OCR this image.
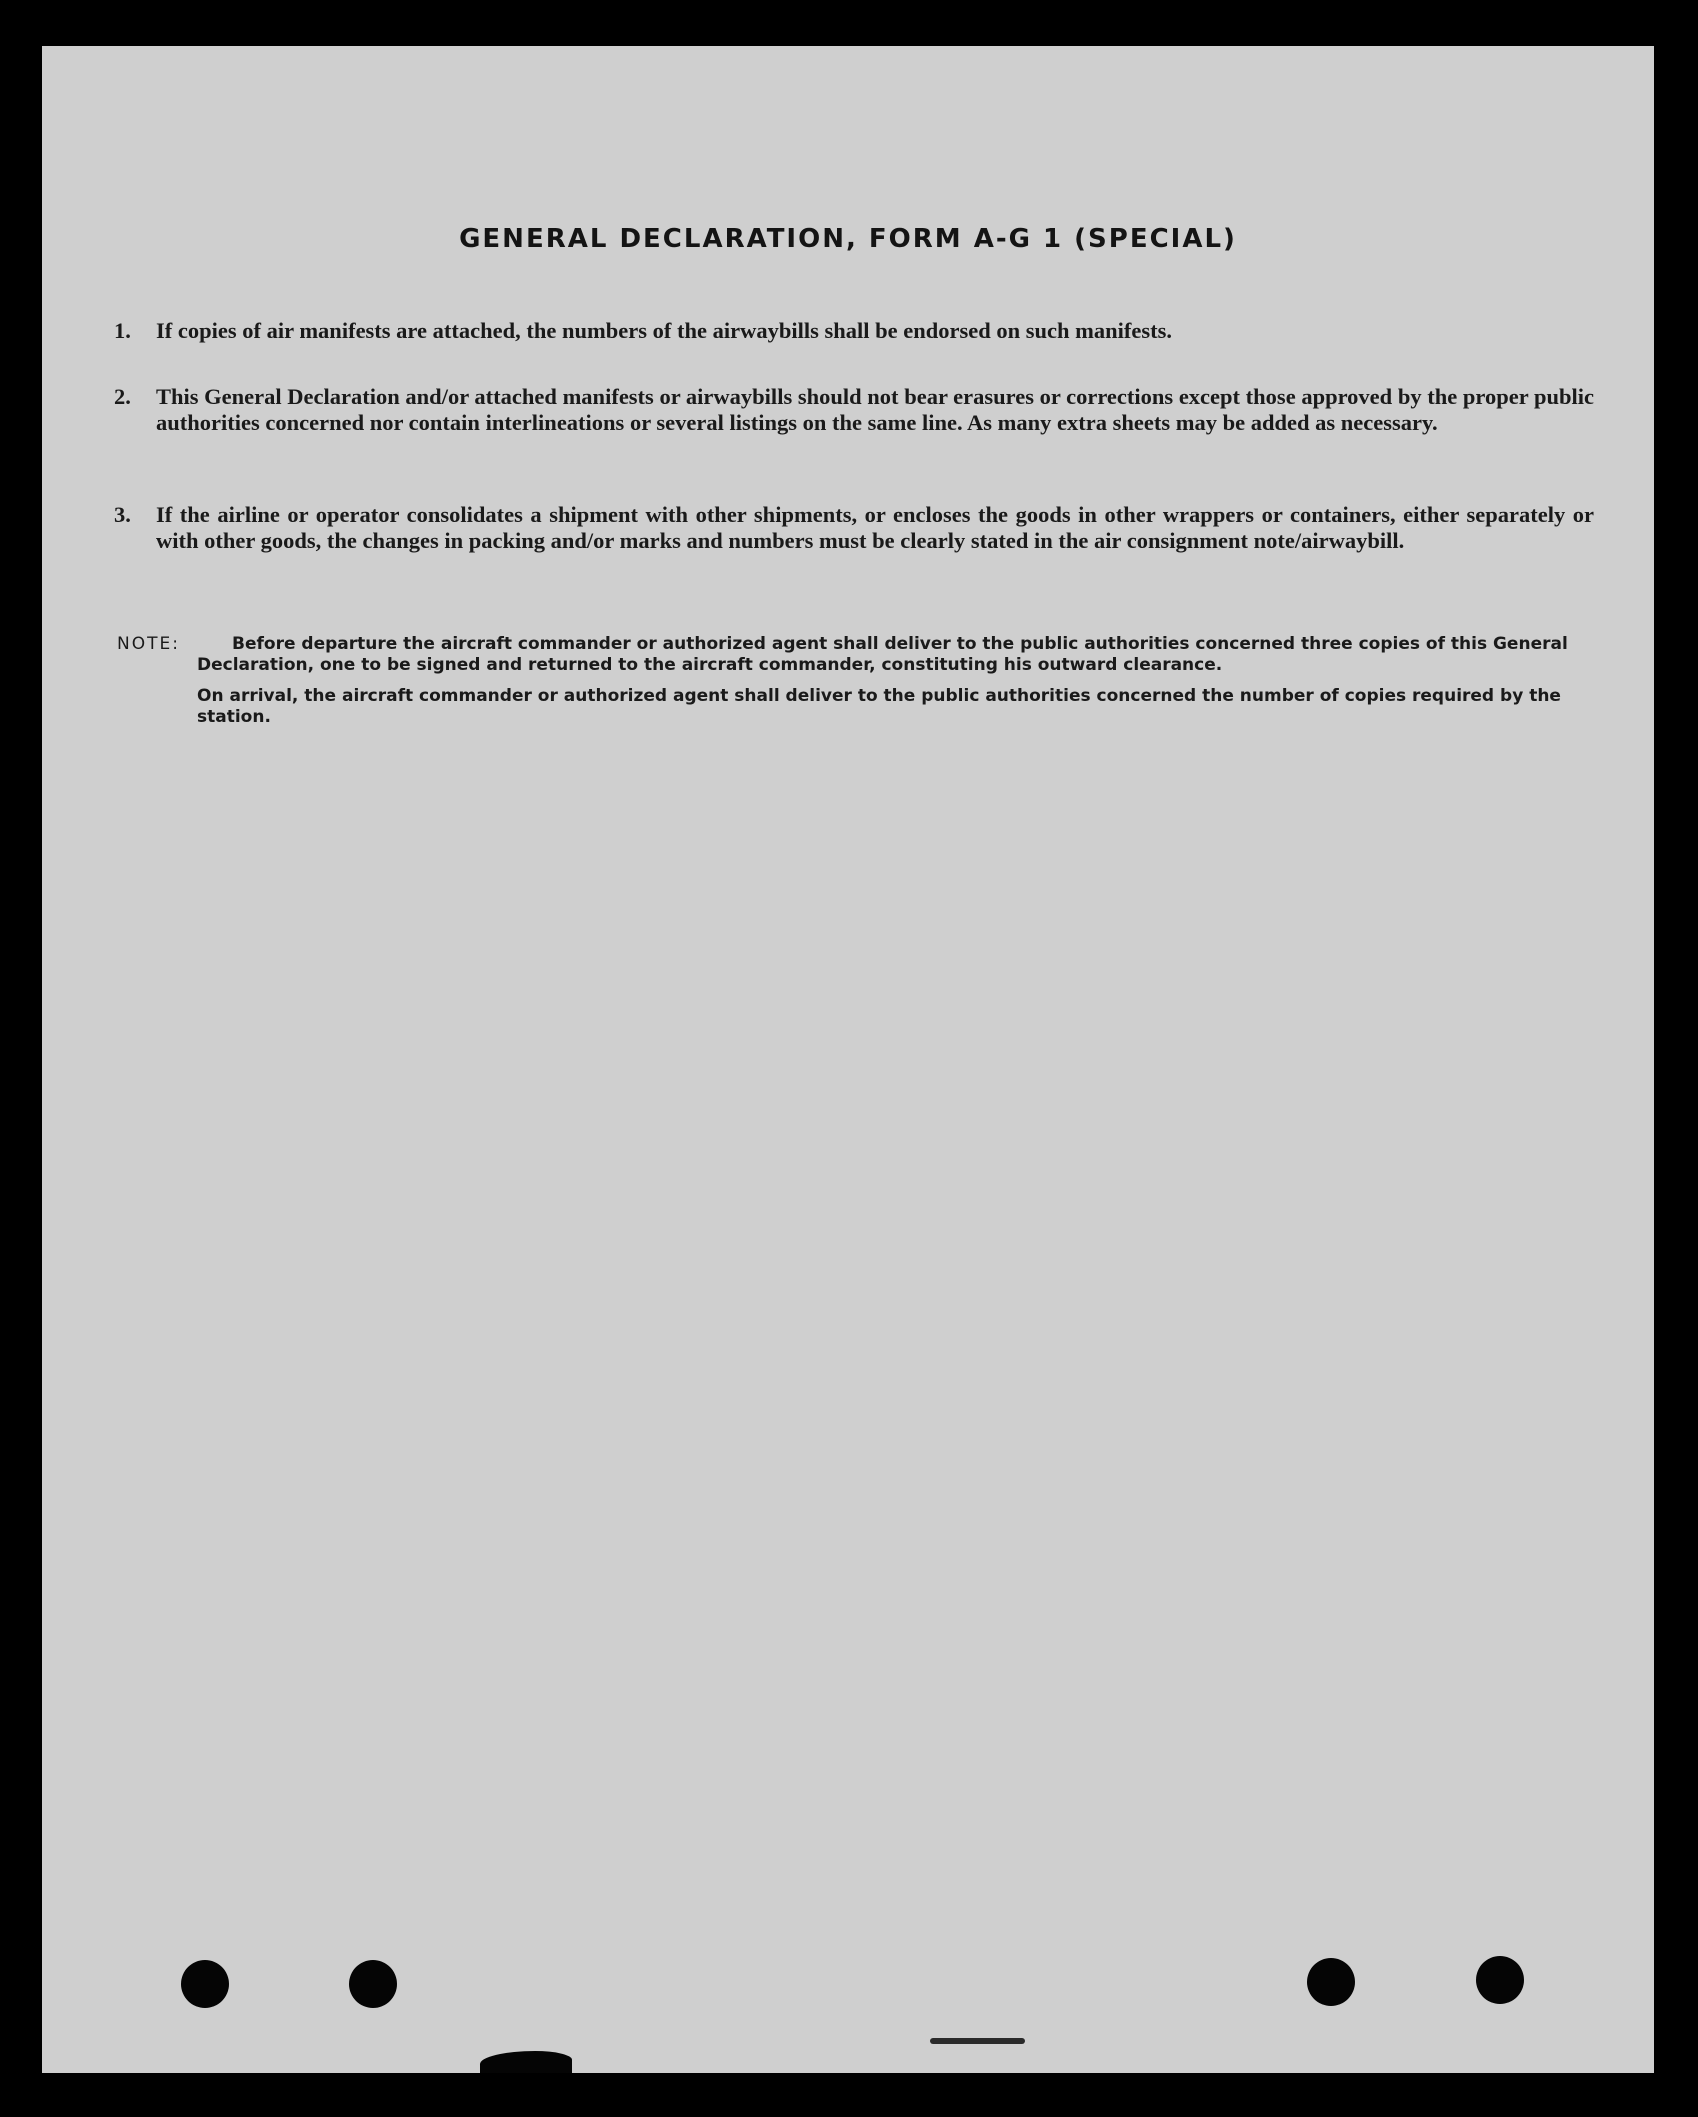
GENERAL DECLARATION, FORM A-G 1 (SPECIAL)
1. If copies of air manifests are attached, the numbers of the airwaybills shall be endorsed on such manifests.
2. This General Declaration and/or attached manifests or airwaybills should not bear erasures or corrections except those approved by the proper public authorities concerned nor contain interlineations or several listings on the same line. As many extra sheets may be added as necessary.
3. If the airline or operator consolidates a shipment with other shipments, or encloses the goods in other wrappers or containers, either separately or with other goods, the changes in packing and/or marks and numbers must be clearly stated in the air consignment note/airwaybill.
NOTE:	Before departure the aircraft commander or authorized agent shall deliver to the public authorities concerned three copies of this General Declaration, one to be signed and returned to the aircraft commander, constituting his outward clearance.

On arrival, the aircraft commander or authorized agent shall deliver to the public authorities concerned the number of copies required by the station.
